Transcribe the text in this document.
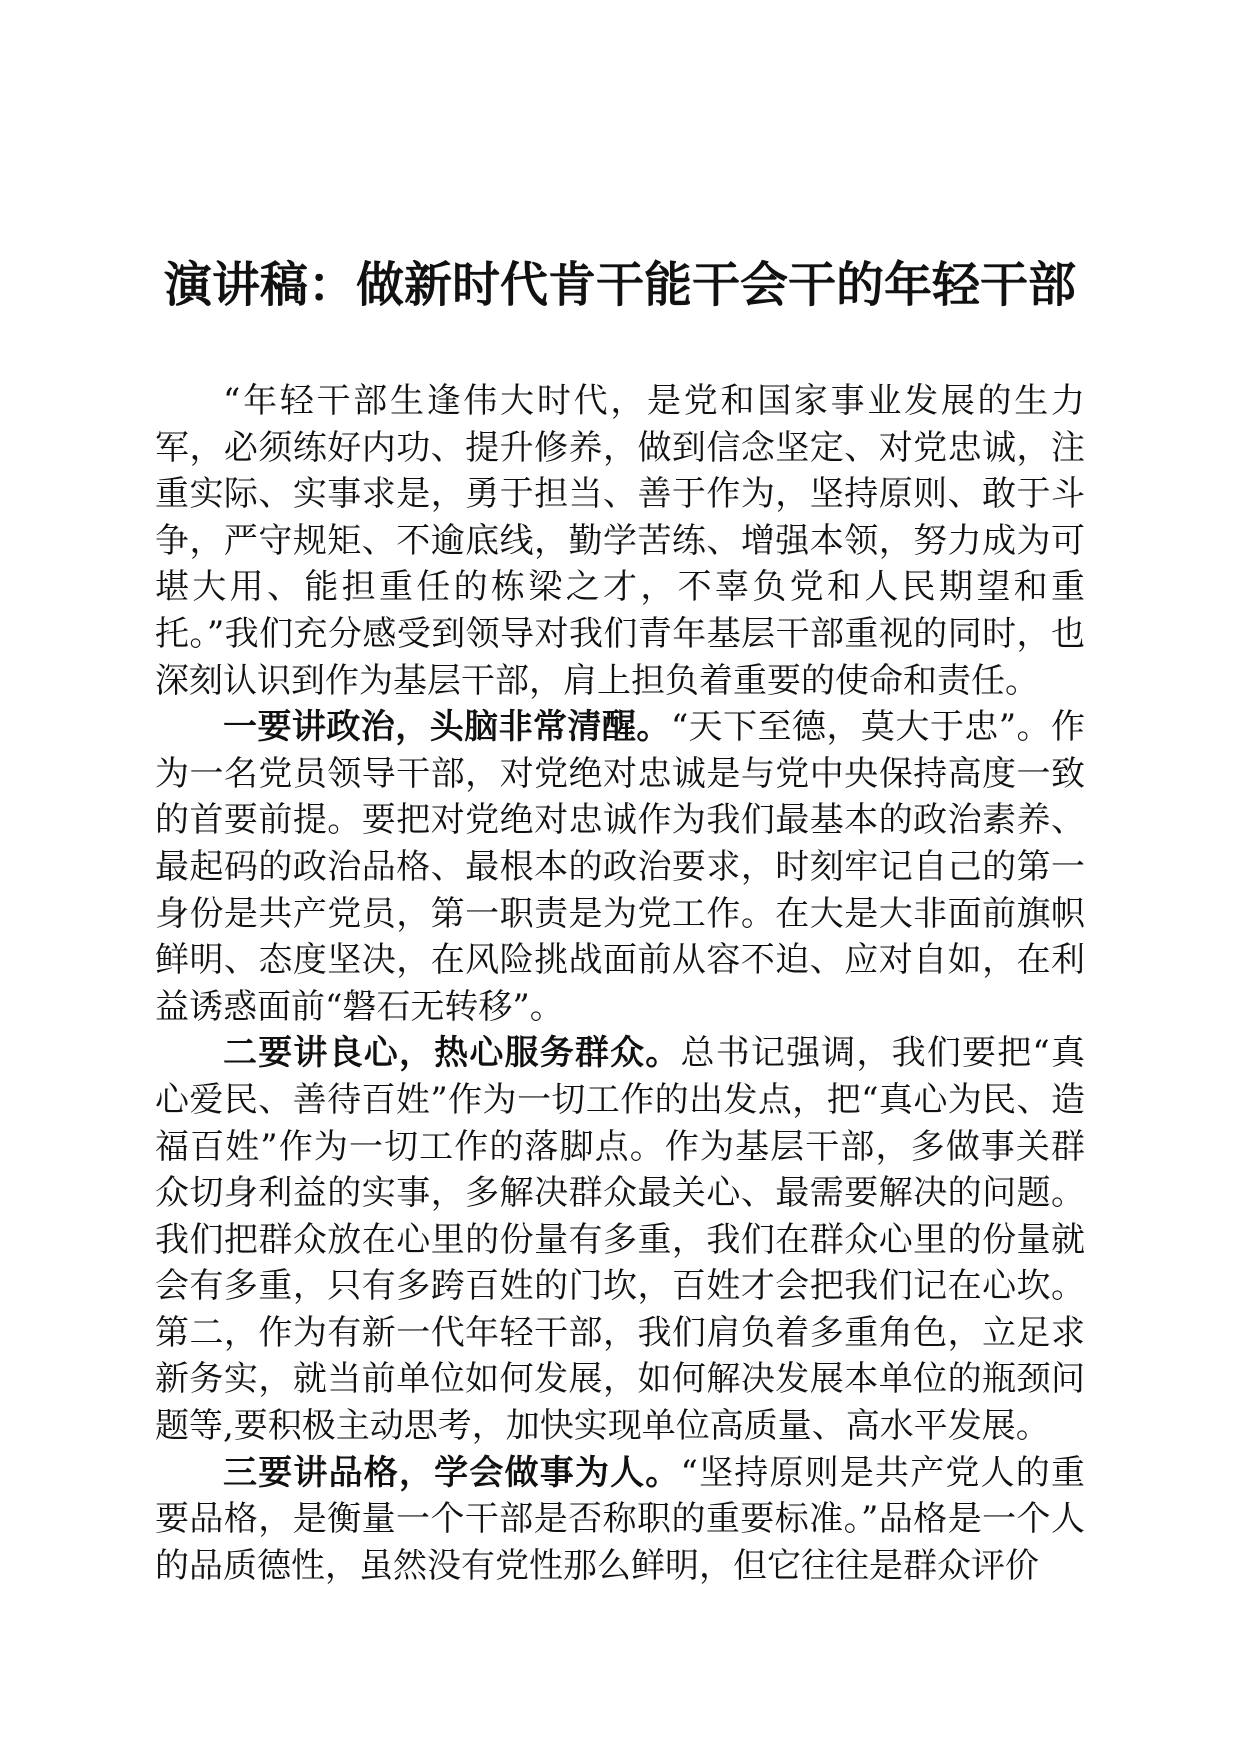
演讲稿：做新时代肯干能干会干的年轻干部

“年轻干部生逢伟大时代，是党和国家事业发展的生力军，必须练好内功、提升修养，做到信念坚定、对党忠诚，注重实际、实事求是，勇于担当、善于作为，坚持原则、敢于斗争，严守规矩、不逾底线，勤学苦练、增强本领，努力成为可堪大用、能担重任的栋梁之才，不辜负党和人民期望和重托。”我们充分感受到领导对我们青年基层干部重视的同时，也深刻认识到作为基层干部，肩上担负着重要的使命和责任。

一要讲政治，头脑非常清醒。“天下至德，莫大于忠”。作为一名党员领导干部，对党绝对忠诚是与党中央保持高度一致的首要前提。要把对党绝对忠诚作为我们最基本的政治素养、最起码的政治品格、最根本的政治要求，时刻牢记自己的第一身份是共产党员，第一职责是为党工作。在大是大非面前旗帜鲜明、态度坚决，在风险挑战面前从容不迫、应对自如，在利益诱惑面前“磐石无转移”。

二要讲良心，热心服务群众。总书记强调，我们要把“真心爱民、善待百姓”作为一切工作的出发点，把“真心为民、造福百姓”作为一切工作的落脚点。作为基层干部，多做事关群众切身利益的实事，多解决群众最关心、最需要解决的问题。我们把群众放在心里的份量有多重，我们在群众心里的份量就会有多重，只有多跨百姓的门坎，百姓才会把我们记在心坎。第二，作为有新一代年轻干部，我们肩负着多重角色，立足求新务实，就当前单位如何发展，如何解决发展本单位的瓶颈问题等,要积极主动思考，加快实现单位高质量、高水平发展。

三要讲品格，学会做事为人。“坚持原则是共产党人的重要品格，是衡量一个干部是否称职的重要标准。”品格是一个人的品质德性，虽然没有党性那么鲜明，但它往往是群众评价
